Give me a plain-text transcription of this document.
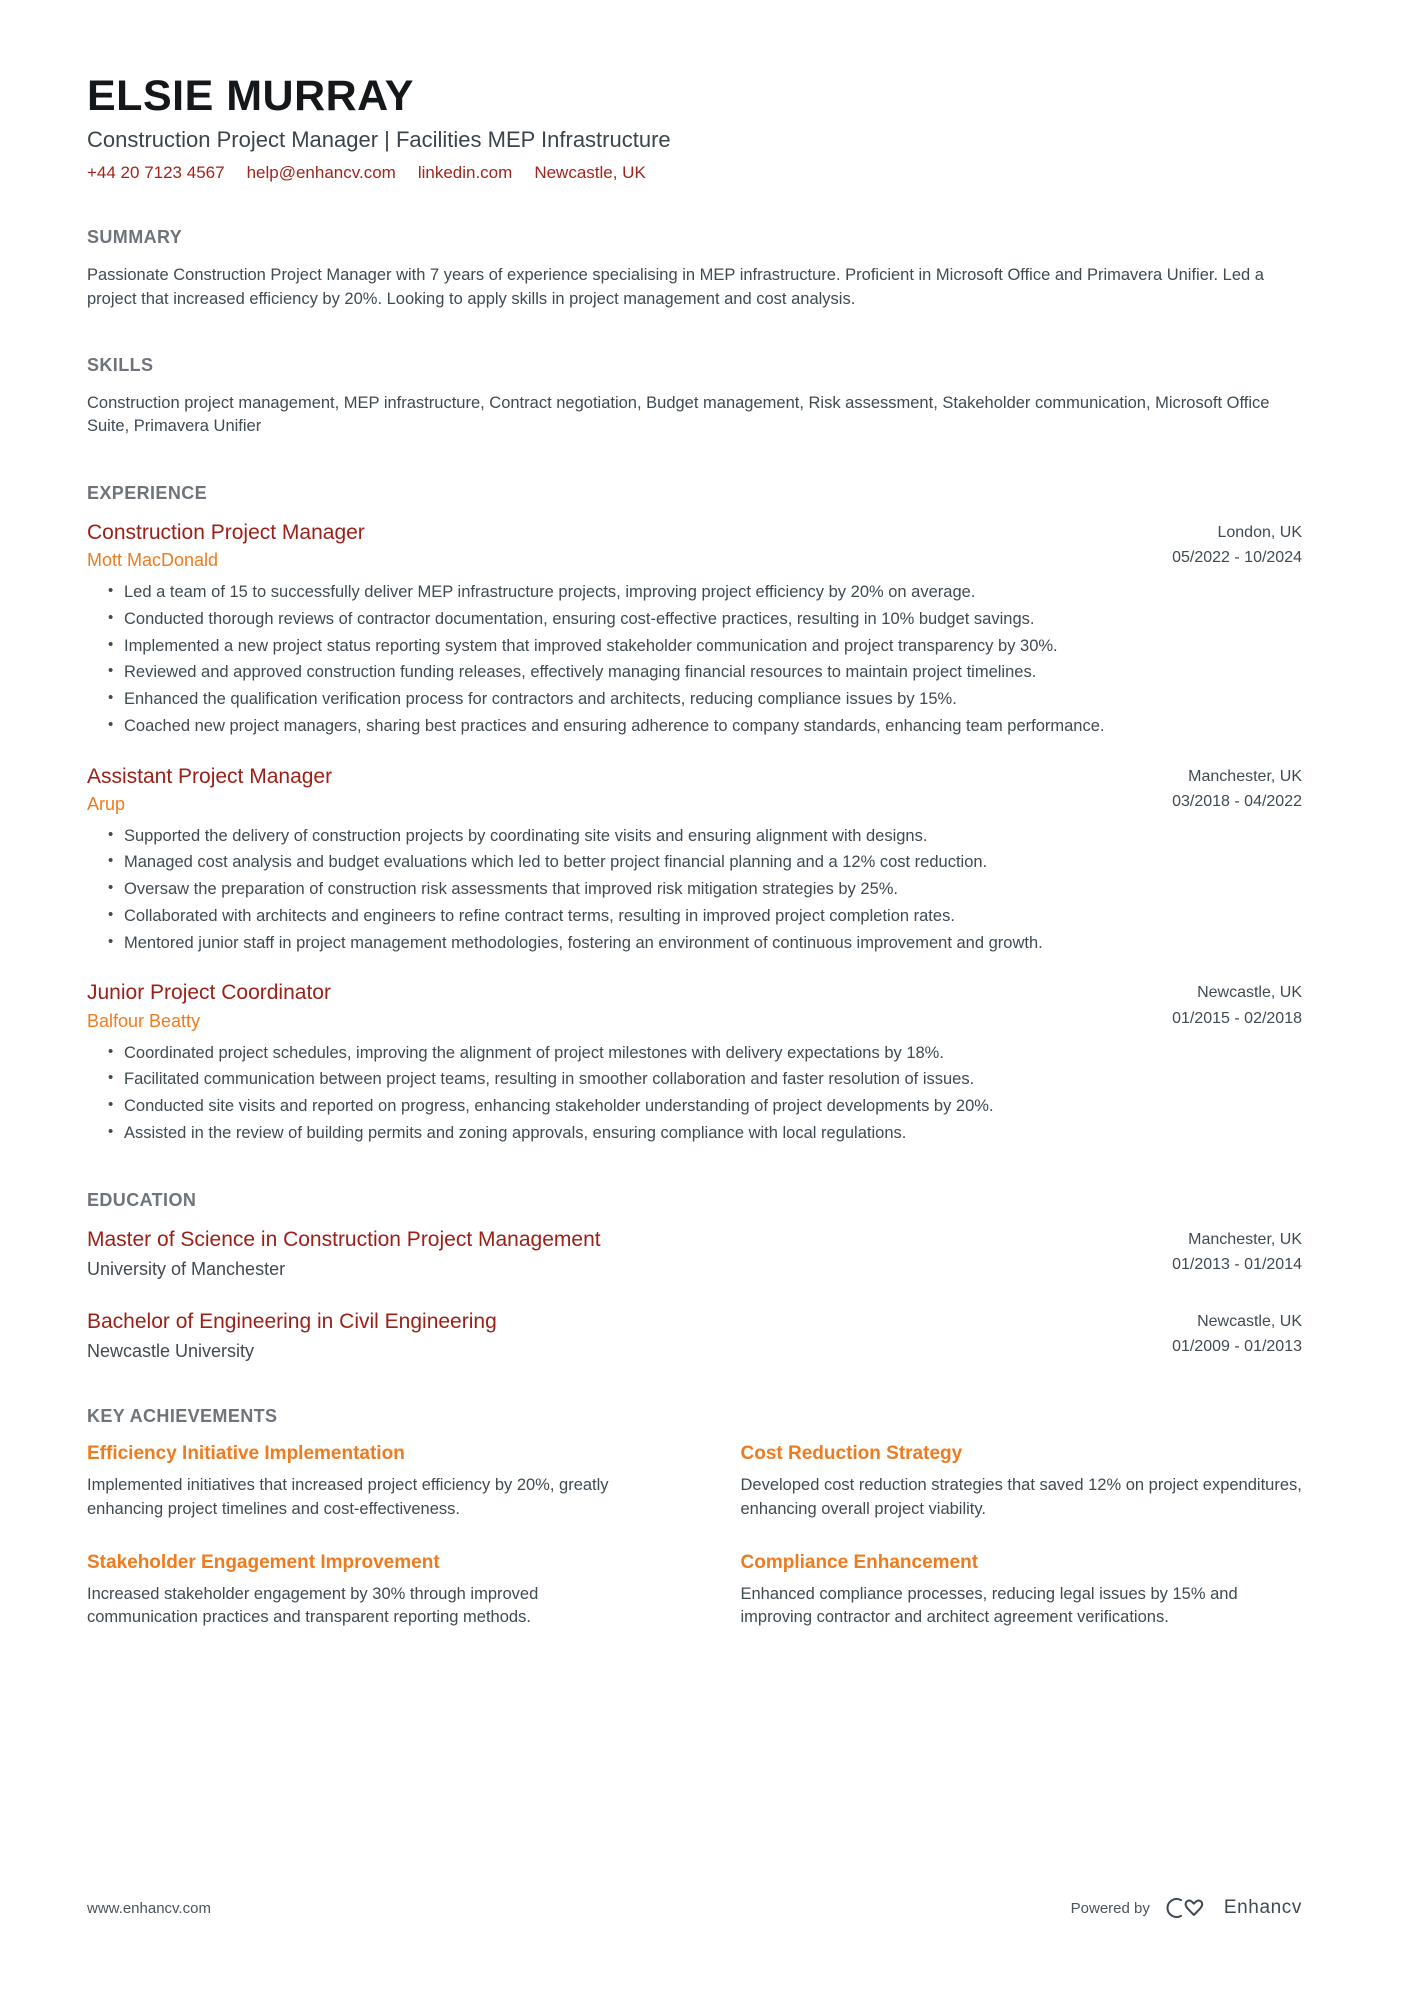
ELSIE MURRAY
Construction Project Manager | Facilities MEP Infrastructure
+44 20 7123 4567 help@enhancv.com linkedin.com Newcastle, UK
SUMMARY

Passionate Construction Project Manager with 7 years of experience specialising in MEP infrastructure. Proficient in Microsoft Office and Primavera Unifier. Led a project that increased efficiency by 20%. Looking to apply skills in project management and cost analysis.

SKILLS

Construction project management, MEP infrastructure, Contract negotiation, Budget management, Risk assessment, Stakeholder communication, Microsoft Office Suite, Primavera Unifier

EXPERIENCE
Construction Project Manager
Mott MacDonald
London, UK
05/2022 - 10/2024
• Led a team of 15 to successfully deliver MEP infrastructure projects, improving project efficiency by 20% on average.
• Conducted thorough reviews of contractor documentation, ensuring cost-effective practices, resulting in 10% budget savings.
• Implemented a new project status reporting system that improved stakeholder communication and project transparency by 30%.
• Reviewed and approved construction funding releases, effectively managing financial resources to maintain project timelines.
• Enhanced the qualification verification process for contractors and architects, reducing compliance issues by 15%.
• Coached new project managers, sharing best practices and ensuring adherence to company standards, enhancing team performance.
Assistant Project Manager
Arup
Manchester, UK
03/2018 - 04/2022
• Supported the delivery of construction projects by coordinating site visits and ensuring alignment with designs.
• Managed cost analysis and budget evaluations which led to better project financial planning and a 12% cost reduction.
• Oversaw the preparation of construction risk assessments that improved risk mitigation strategies by 25%.
• Collaborated with architects and engineers to refine contract terms, resulting in improved project completion rates.
• Mentored junior staff in project management methodologies, fostering an environment of continuous improvement and growth.
Junior Project Coordinator
Balfour Beatty
Newcastle, UK
01/2015 - 02/2018
• Coordinated project schedules, improving the alignment of project milestones with delivery expectations by 18%.
• Facilitated communication between project teams, resulting in smoother collaboration and faster resolution of issues.
• Conducted site visits and reported on progress, enhancing stakeholder understanding of project developments by 20%.
• Assisted in the review of building permits and zoning approvals, ensuring compliance with local regulations.
EDUCATION
Master of Science in Construction Project Management
University of Manchester
Manchester, UK
01/2013 - 01/2014
Bachelor of Engineering in Civil Engineering
Newcastle University
Newcastle, UK
01/2009 - 01/2013
KEY ACHIEVEMENTS
Efficiency Initiative Implementation
Implemented initiatives that increased project efficiency by 20%, greatly enhancing project timelines and cost-effectiveness.
Stakeholder Engagement Improvement
Increased stakeholder engagement by 30% through improved communication practices and transparent reporting methods.
Cost Reduction Strategy
Developed cost reduction strategies that saved 12% on project expenditures, enhancing overall project viability.
Compliance Enhancement
Enhanced compliance processes, reducing legal issues by 15% and improving contractor and architect agreement verifications.
www.enhancv.com	Powered by	Enhancv
